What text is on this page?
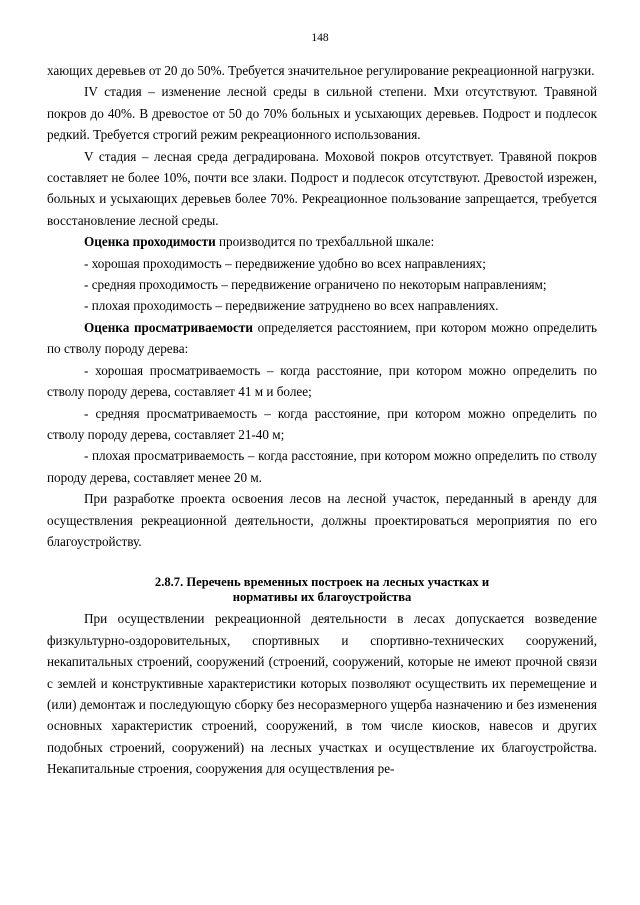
148

хающих деревьев от 20 до 50%. Требуется значительное регулирование рекреационной нагрузки.

IV стадия – изменение лесной среды в сильной степени. Мхи отсутствуют. Травяной покров до 40%. В древостое от 50 до 70% больных и усыхающих деревьев. Подрост и подлесок редкий. Требуется строгий режим рекреационного использования.

V стадия – лесная среда деградирована. Моховой покров отсутствует. Травяной покров составляет не более 10%, почти все злаки. Подрост и подлесок отсутствуют. Древостой изрежен, больных и усыхающих деревьев более 70%. Рекреационное пользование запрещается, требуется восстановление лесной среды.

Оценка проходимости производится по трехбалльной шкале:

- хорошая проходимость – передвижение удобно во всех направлениях;

- средняя проходимость – передвижение ограничено по некоторым направлениям;

- плохая проходимость – передвижение затруднено во всех направлениях.

Оценка просматриваемости определяется расстоянием, при котором можно определить по стволу породу дерева:

- хорошая просматриваемость – когда расстояние, при котором можно определить по стволу породу дерева, составляет 41 м и более;

- средняя просматриваемость – когда расстояние, при котором можно определить по стволу породу дерева, составляет 21-40 м;

- плохая просматриваемость – когда расстояние, при котором можно определить по стволу породу дерева, составляет менее 20 м.

При разработке проекта освоения лесов на лесной участок, переданный в аренду для осуществления рекреационной деятельности, должны проектироваться мероприятия по его благоустройству.

2.8.7. Перечень временных построек на лесных участках и
нормативы их благоустройства

При осуществлении рекреационной деятельности в лесах допускается возведение физкультурно-оздоровительных, спортивных и спортивно-технических сооружений, некапитальных строений, сооружений (строений, сооружений, которые не имеют прочной связи с землей и конструктивные характеристики которых позволяют осуществить их перемещение и (или) демонтаж и последующую сборку без несоразмерного ущерба назначению и без изменения основных характеристик строений, сооружений, в том числе киосков, навесов и других подобных строений, сооружений) на лесных участках и осуществление их благоустройства. Некапитальные строения, сооружения для осуществления ре-
